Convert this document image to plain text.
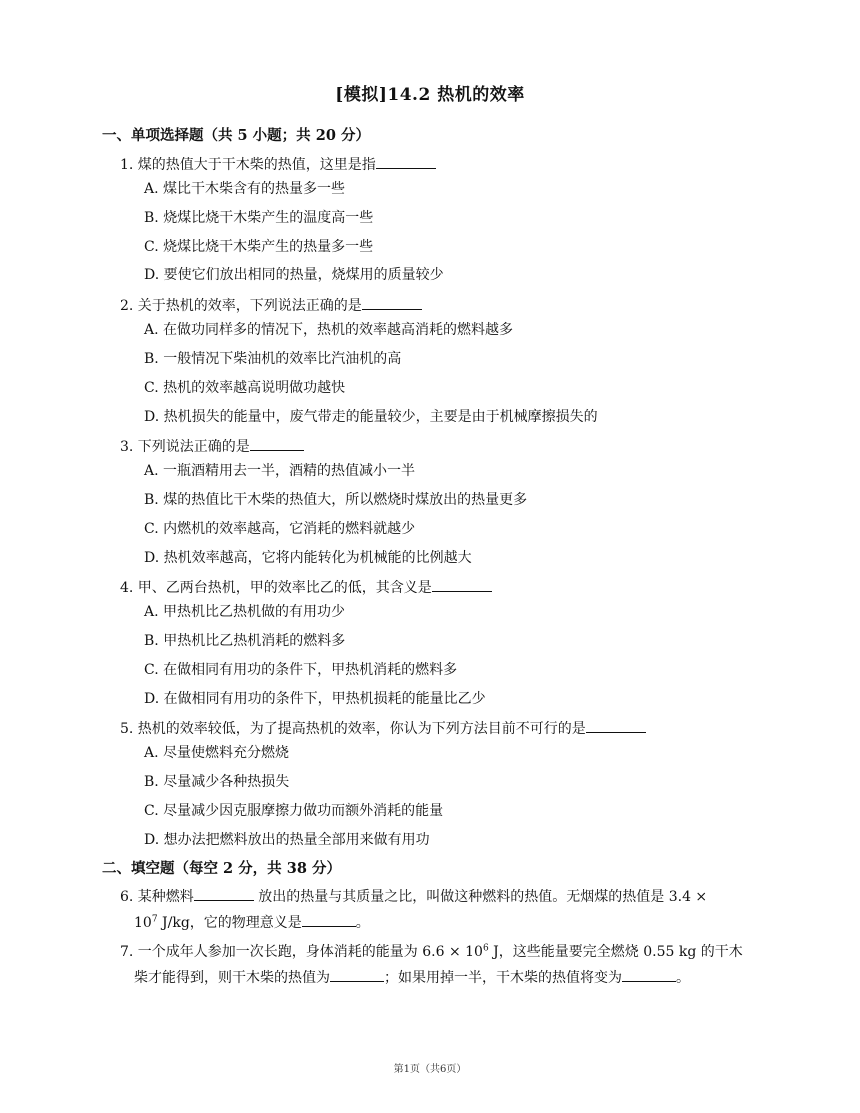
[模拟]14.2 热机的效率
一、单项选择题（共 5 小题；共 20 分）
1. 煤的热值大于干木柴的热值，这里是指
A. 煤比干木柴含有的热量多一些
B. 烧煤比烧干木柴产生的温度高一些
C. 烧煤比烧干木柴产生的热量多一些
D. 要使它们放出相同的热量，烧煤用的质量较少
2. 关于热机的效率，下列说法正确的是
A. 在做功同样多的情况下，热机的效率越高消耗的燃料越多
B. 一般情况下柴油机的效率比汽油机的高
C. 热机的效率越高说明做功越快
D. 热机损失的能量中，废气带走的能量较少，主要是由于机械摩擦损失的
3. 下列说法正确的是
A. 一瓶酒精用去一半，酒精的热值减小一半
B. 煤的热值比干木柴的热值大，所以燃烧时煤放出的热量更多
C. 内燃机的效率越高，它消耗的燃料就越少
D. 热机效率越高，它将内能转化为机械能的比例越大
4. 甲、乙两台热机，甲的效率比乙的低，其含义是
A. 甲热机比乙热机做的有用功少
B. 甲热机比乙热机消耗的燃料多
C. 在做相同有用功的条件下，甲热机消耗的燃料多
D. 在做相同有用功的条件下，甲热机损耗的能量比乙少
5. 热机的效率较低，为了提高热机的效率，你认为下列方法目前不可行的是
A. 尽量使燃料充分燃烧
B. 尽量减少各种热损失
C. 尽量减少因克服摩擦力做功而额外消耗的能量
D. 想办法把燃料放出的热量全部用来做有用功
二、填空题（每空 2 分，共 38 分）
6. 某种燃料	放出的热量与其质量之比，叫做这种燃料的热值。无烟煤的热值是 3.4 ×
$10^7$ J/kg，它的物理意义是	。
7. 一个成年人参加一次长跑，身体消耗的能量为 $6.6 \times 10^6$ J，这些能量要完全燃烧 0.55 kg 的干木
柴才能得到，则干木柴的热值为	；如果用掉一半，干木柴的热值将变为	。
第1页（共6页）
